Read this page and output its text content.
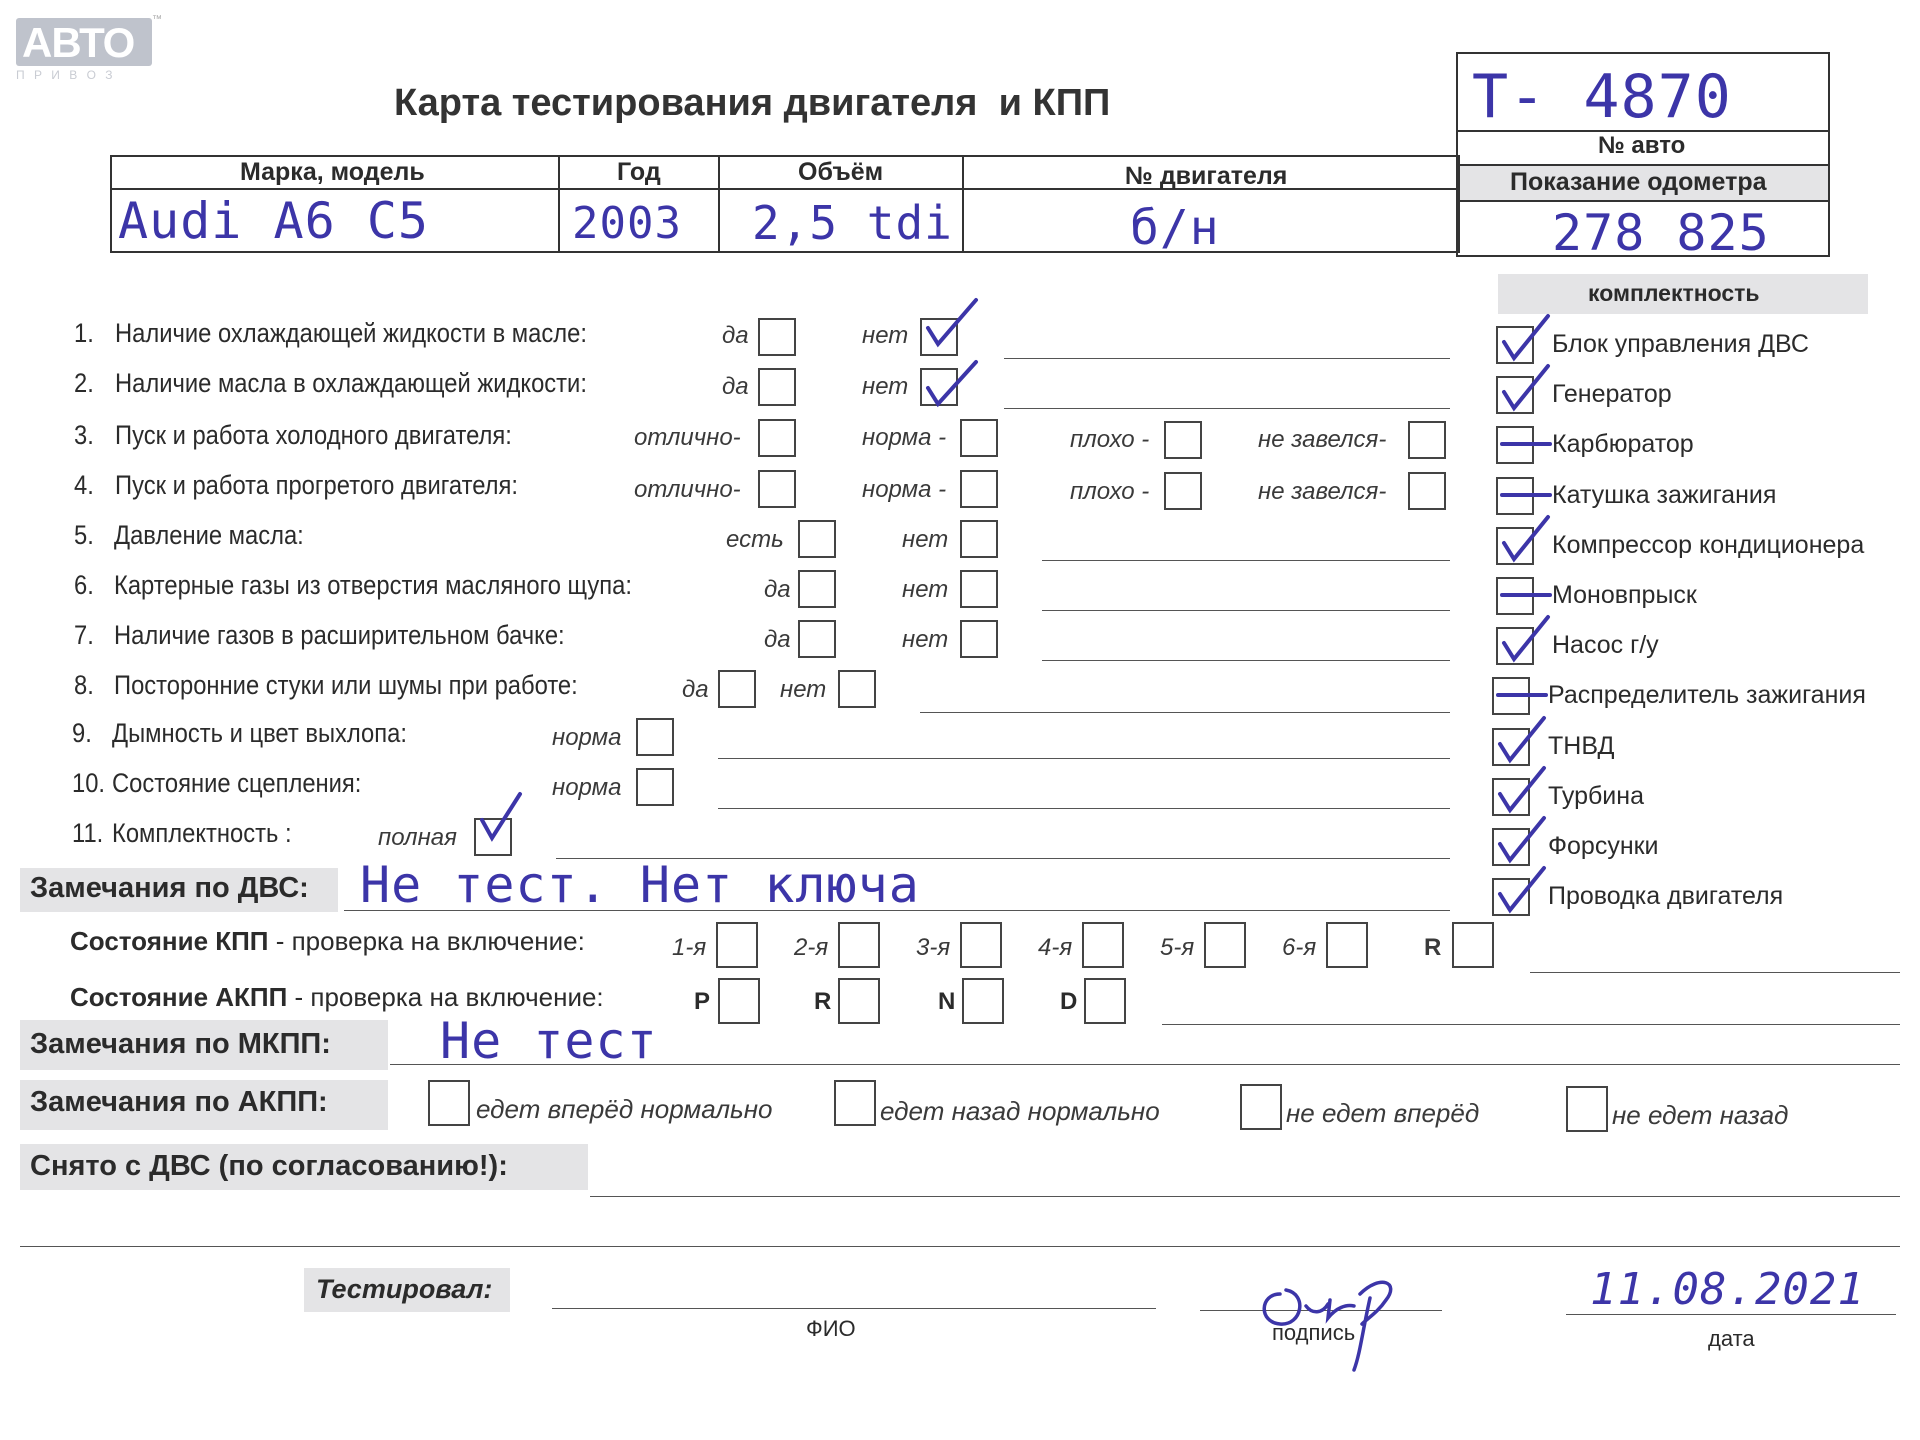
АВТО ™
П Р И В О З
Карта тестирования двигателя  и КПП	T- 4870
№ авто
Показание одометра
278 825
Марка, модель	Год	Объём	№ двигателя
Audi A6 C5	2003 2,5 tdi	б/н
1. Наличие охлаждающей жидкости в масле:	да	нет
2. Наличие масла в охлаждающей жидкости:	да	нет
3. Пуск и работа холодного двигателя:	отлично-	норма -	плохо -	не завелся-
4. Пуск и работа прогретого двигателя:	отлично-	норма -	плохо -	не завелся-
5. Давление масла:	есть	нет
6. Картерные газы из отверстия масляного щупа:	да	нет
7. Наличие газов в расширительном бачке:	да	нет
8. Посторонние стуки или шумы при работе:	да	нет
9. Дымность и цвет выхлопа:	норма
10. Состояние сцепления:	норма
11. Комплектность :	полная
комплектность
Блок управления ДВС
Генератор
Карбюратор
Катушка зажигания
Компрессор кондиционера
Моновпрыск
Насос г/у
Распределитель зажигания
ТНВД
Турбина
Форсунки
Проводка двигателя
Замечания по ДВС: Не тест. Нет ключа
Состояние КПП - проверка на включение:	1-я	2-я	3-я	4-я	5-я	6-я	R
Состояние АКПП - проверка на включение:	P	R	N	D
Замечания по МКПП: Не тест
Замечания по АКПП:	едет вперёд нормально	едет назад нормально	не едет вперёд	не едет назад
Снято с ДВС (по согласованию!):
Тестировал:
ФИО	подпись
11.08.2021
дата
